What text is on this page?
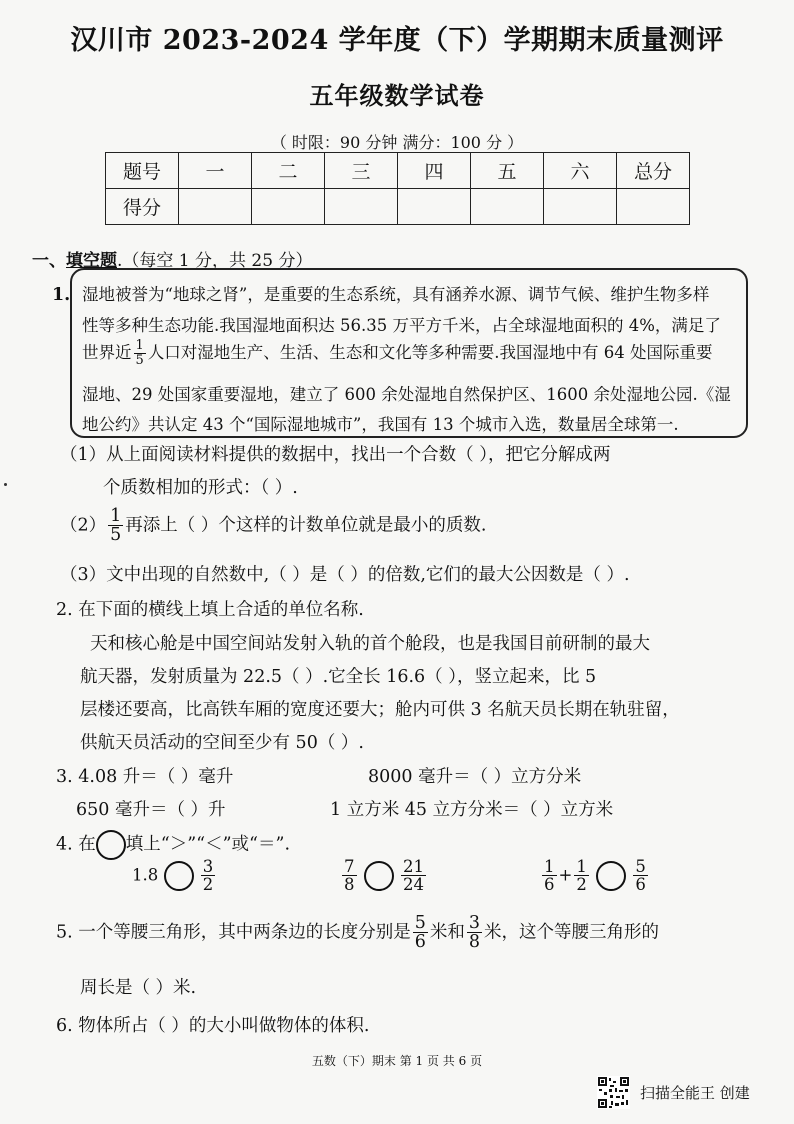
汉川市 2023-2024 学年度（下）学期期末质量测评
五年级数学试卷
（ 时限：90 分钟 满分：100 分 ）
题号	一	二	三	四	五	六	总分
得分							
一、填空题.（每空 1 分，共 25 分）
1. 湿地被誉为“地球之肾”，是重要的生态系统，具有涵养水源、调节气候、维护生物多样
性等多种生态功能.我国湿地面积达 56.35 万平方千米，占全球湿地面积的 4%，满足了
世界近 $\frac{1}{5}$ 人口对湿地生产、生活、生态和文化等多种需要.我国湿地中有 64 处国际重要
湿地、29 处国家重要湿地，建立了 600 余处湿地自然保护区、1600 余处湿地公园.《湿
地公约》共认定 43 个“国际湿地城市”，我国有 13 个城市入选，数量居全球第一.
（1）从上面阅读材料提供的数据中，找出一个合数（ ），把它分解成两
个质数相加的形式：（ ）.
$(2) \frac{1}{5}$ 再添上（ ）个这样的计数单位就是最小的质数.
（3）文中出现的自然数中,（ ）是（ ）的倍数,它们的最大公因数是（ ）.
2. 在下面的横线上填上合适的单位名称.
天和核心舱是中国空间站发射入轨的首个舱段，也是我国目前研制的最大
航天器，发射质量为 22.5（ ）.它全长 16.6（ ），竖立起来，比 5
层楼还要高，比高铁车厢的宽度还要大；舱内可供 3 名航天员长期在轨驻留，
供航天员活动的空间至少有 50（ ）.
3. 4.08 升＝（ ）毫升	8000 毫升＝（ ）立方分米
650 毫升＝（ ）升	1 立方米 45 立方分米＝（ ）立方米
4. 在 填上“＞”“＜”或“＝”.
1.8	$\frac{3}{2}$	$\frac{7}{8}$
	$\frac{21}{24}$	$\frac{1}{6} + \frac{1}{2}$
	$\frac{5}{6}$
5. 一个等腰三角形，其中两条边的长度分别是 $\frac{5}{6}$ 米和 $\frac{3}{8}$ 米，这个等腰三角形的
周长是（ ）米.
6. 物体所占（ ）的大小叫做物体的体积.
五数（下）期末 第 1 页 共 6 页
扫描全能王 创建
